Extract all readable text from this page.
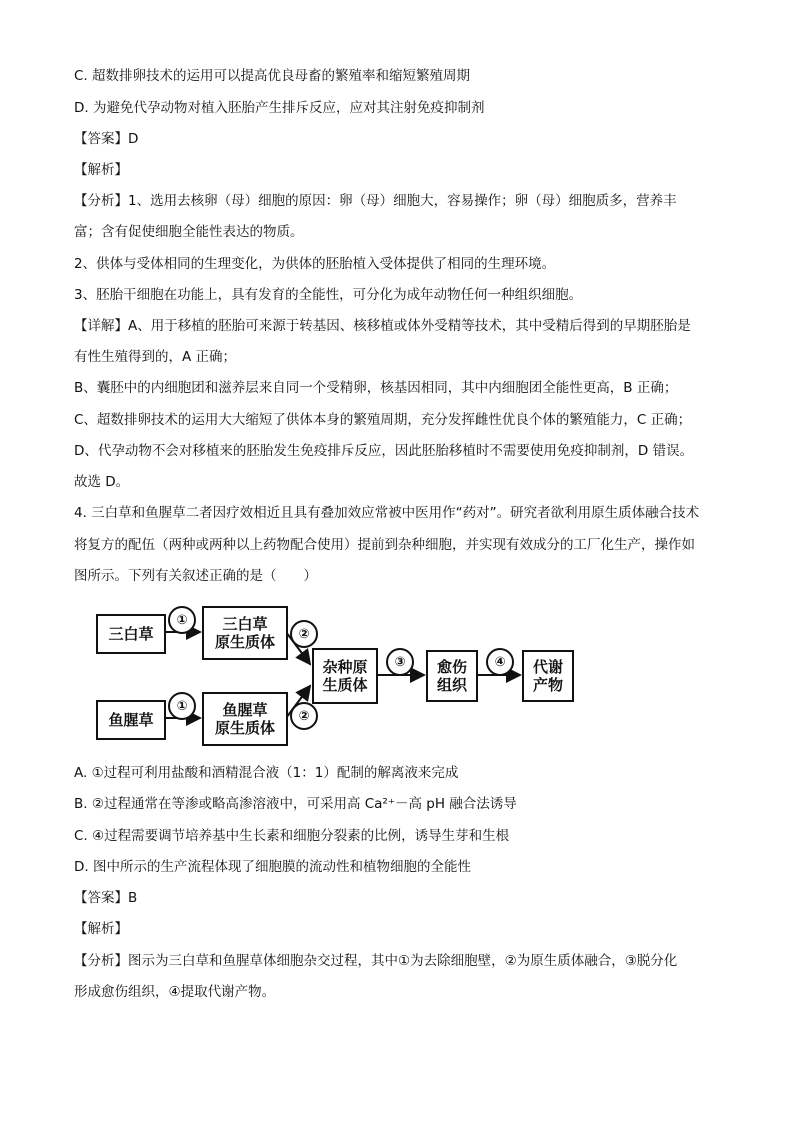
C. 超数排卵技术的运用可以提高优良母畜的繁殖率和缩短繁殖周期
D. 为避免代孕动物对植入胚胎产生排斥反应，应对其注射免疫抑制剂
【答案】D
【解析】
【分析】1、选用去核卵（母）细胞的原因：卵（母）细胞大，容易操作；卵（母）细胞质多，营养丰
富；含有促使细胞全能性表达的物质。
2、供体与受体相同的生理变化，为供体的胚胎植入受体提供了相同的生理环境。
3、胚胎干细胞在功能上，具有发育的全能性，可分化为成年动物任何一种组织细胞。
【详解】A、用于移植的胚胎可来源于转基因、核移植或体外受精等技术，其中受精后得到的早期胚胎是
有性生殖得到的，A 正确；
B、囊胚中的内细胞团和滋养层来自同一个受精卵，核基因相同，其中内细胞团全能性更高，B 正确；
C、超数排卵技术的运用大大缩短了供体本身的繁殖周期，充分发挥雌性优良个体的繁殖能力，C 正确；
D、代孕动物不会对移植来的胚胎发生免疫排斥反应，因此胚胎移植时不需要使用免疫抑制剂，D 错误。
故选 D。
4. 三白草和鱼腥草二者因疗效相近且具有叠加效应常被中医用作“药对”。研究者欲利用原生质体融合技术
将复方的配伍（两种或两种以上药物配合使用）提前到杂种细胞，并实现有效成分的工厂化生产，操作如
图所示。下列有关叙述正确的是（　　）
三白草
①	三白草
原生质体	②
鱼腥草
①	鱼腥草
原生质体
②
杂种原
生质体
③	愈伤
组织
④	代谢
产物
A. ①过程可利用盐酸和酒精混合液（1：1）配制的解离液来完成
B. ②过程通常在等渗或略高渗溶液中，可采用高 Ca²⁺－高 pH 融合法诱导
C. ④过程需要调节培养基中生长素和细胞分裂素的比例，诱导生芽和生根
D. 图中所示的生产流程体现了细胞膜的流动性和植物细胞的全能性
【答案】B
【解析】
【分析】图示为三白草和鱼腥草体细胞杂交过程，其中①为去除细胞壁，②为原生质体融合，③脱分化
形成愈伤组织，④提取代谢产物。
